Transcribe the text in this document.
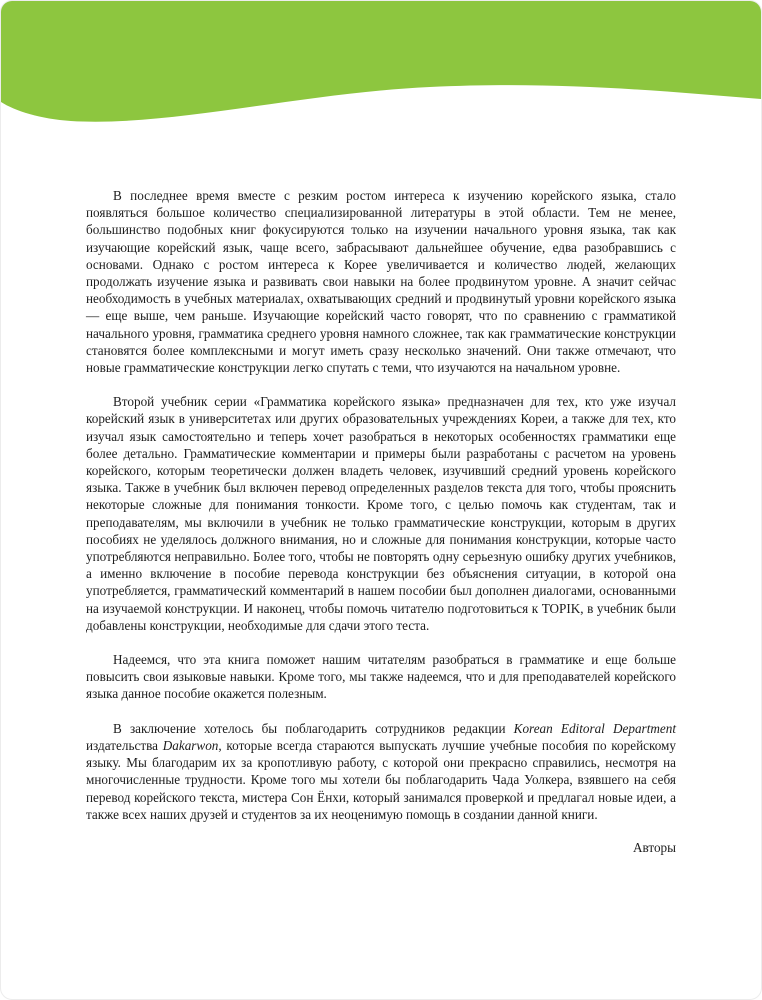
В последнее время вместе с резким ростом интереса к изучению корейского языка, стало появляться большое количество специализированной литературы в этой области. Тем не менее, большинство подобных книг фокусируются только на изучении начального уровня языка, так как изучающие корейский язык, чаще всего, забрасывают дальнейшее обучение, едва разобравшись с основами. Однако с ростом интереса к Корее увеличивается и количество людей, желающих продолжать изучение языка и развивать свои навыки на более продвинутом уровне. А значит сейчас необходимость в учебных материалах, охватывающих средний и продвинутый уровни корейского языка — еще выше, чем раньше. Изучающие корейский часто говорят, что по сравнению с грамматикой начального уровня, грамматика среднего уровня намного сложнее, так как грамматические конструкции становятся более комплексными и могут иметь сразу несколько значений. Они также отмечают, что новые грамматические конструкции легко спутать с теми, что изучаются на начальном уровне.

Второй учебник серии «Грамматика корейского языка» предназначен для тех, кто уже изучал корейский язык в университетах или других образовательных учреждениях Кореи, а также для тех, кто изучал язык самостоятельно и теперь хочет разобраться в некоторых особенностях грамматики еще более детально. Грамматические комментарии и примеры были разработаны с расчетом на уровень корейского, которым теоретически должен владеть человек, изучивший средний уровень корейского языка. Также в учебник был включен перевод определенных разделов текста для того, чтобы прояснить некоторые сложные для понимания тонкости. Кроме того, с целью помочь как студентам, так и преподавателям, мы включили в учебник не только грамматические конструкции, которым в других пособиях не уделялось должного внимания, но и сложные для понимания конструкции, которые часто употребляются неправильно. Более того, чтобы не повторять одну серьезную ошибку других учебников, а именно включение в пособие перевода конструкции без объяснения ситуации, в которой она употребляется, грамматический комментарий в нашем пособии был дополнен диалогами, основанными на изучаемой конструкции. И наконец, чтобы помочь читателю подготовиться к TOPIK, в учебник были добавлены конструкции, необходимые для сдачи этого теста.

Надеемся, что эта книга поможет нашим читателям разобраться в грамматике и еще больше повысить свои языковые навыки. Кроме того, мы также надеемся, что и для преподавателей корейского языка данное пособие окажется полезным.

В заключение хотелось бы поблагодарить сотрудников редакции Korean Editoral Department издательства Dakarwon, которые всегда стараются выпускать лучшие учебные пособия по корейскому языку. Мы благодарим их за кропотливую работу, с которой они прекрасно справились, несмотря на многочисленные трудности. Кроме того мы хотели бы поблагодарить Чада Уолкера, взявшего на себя перевод корейского текста, мистера Сон Ёнхи, который занимался проверкой и предлагал новые идеи, а также всех наших друзей и студентов за их неоценимую помощь в создании данной книги.

Авторы
